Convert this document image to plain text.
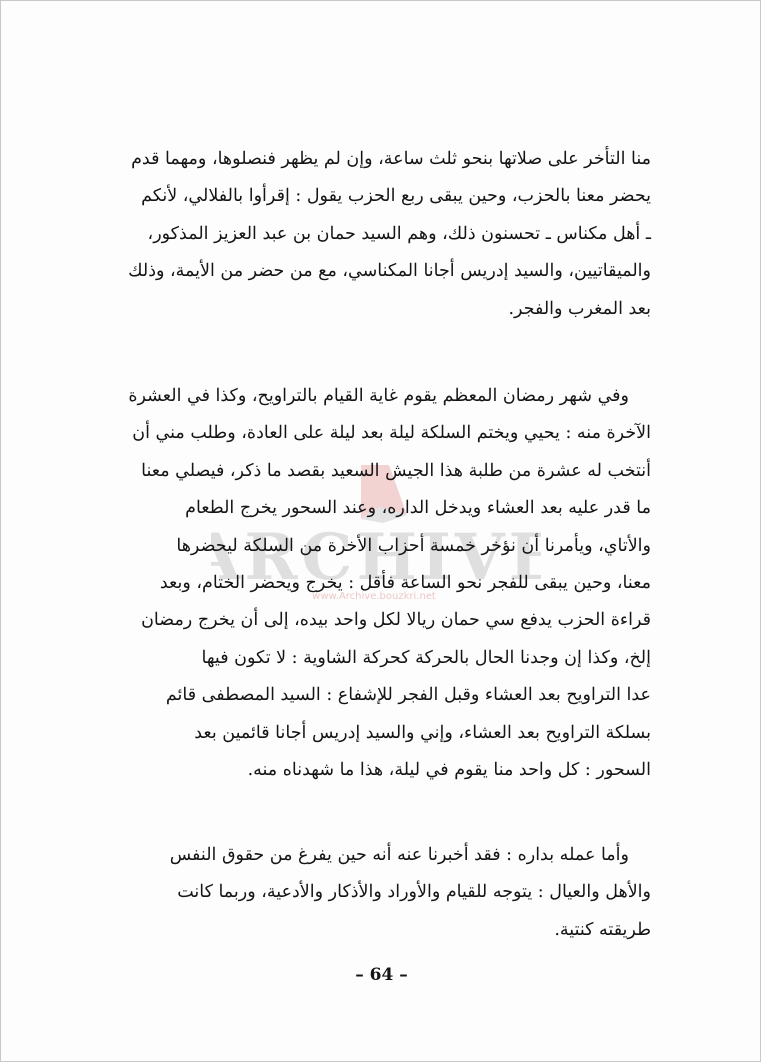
ARCHIVE
www.Archive.bouzkri.net

منا التأخر على صلاتها بنحو ثلث ساعة، وإن لم يظهر فنصلوها، ومهما قدم

يحضر معنا بالحزب، وحين يبقى ربع الحزب يقول : إقرأوا بالفلالي، لأنكم

ـ أهل مكناس ـ تحسنون ذلك، وهم السيد حمان بن عبد العزيز المذكور،

والميقاتيين، والسيد إدريس أجانا المكناسي، مع من حضر من الأيمة، وذلك

بعد المغرب والفجر.

وفي شهر رمضان المعظم يقوم غاية القيام بالتراويح، وكذا في العشرة

الآخرة منه : يحيي ويختم السلكة ليلة بعد ليلة على العادة، وطلب مني أن

أنتخب له عشرة من طلبة هذا الجيش السعيد بقصد ما ذكر، فيصلي معنا

ما قدر عليه بعد العشاء ويدخل الداره، وعند السحور يخرج الطعام

والأتاي، ويأمرنا أن نؤخر خمسة أحزاب الأخرة من السلكة ليحضرها

معنا، وحين يبقى للفجر نحو الساعة فأقل : يخرج ويحضر الختام، وبعد

قراءة الحزب يدفع سي حمان ريالا لكل واحد بيده، إلى أن يخرج رمضان

إلخ، وكذا إن وجدنا الحال بالحركة كحركة الشاوية : لا تكون فيها

عدا التراويح بعد العشاء وقبل الفجر للإشفاع : السيد المصطفى قائم

بسلكة التراويح بعد العشاء، وإني والسيد إدريس أجانا قائمين بعد

السحور : كل واحد منا يقوم في ليلة، هذا ما شهدناه منه.

وأما عمله بداره : فقد أخبرنا عنه أنه حين يفرغ من حقوق النفس

والأهل والعيال : يتوجه للقيام والأوراد والأذكار والأدعية، وربما كانت

طريقته كنتية.

– 64 –
